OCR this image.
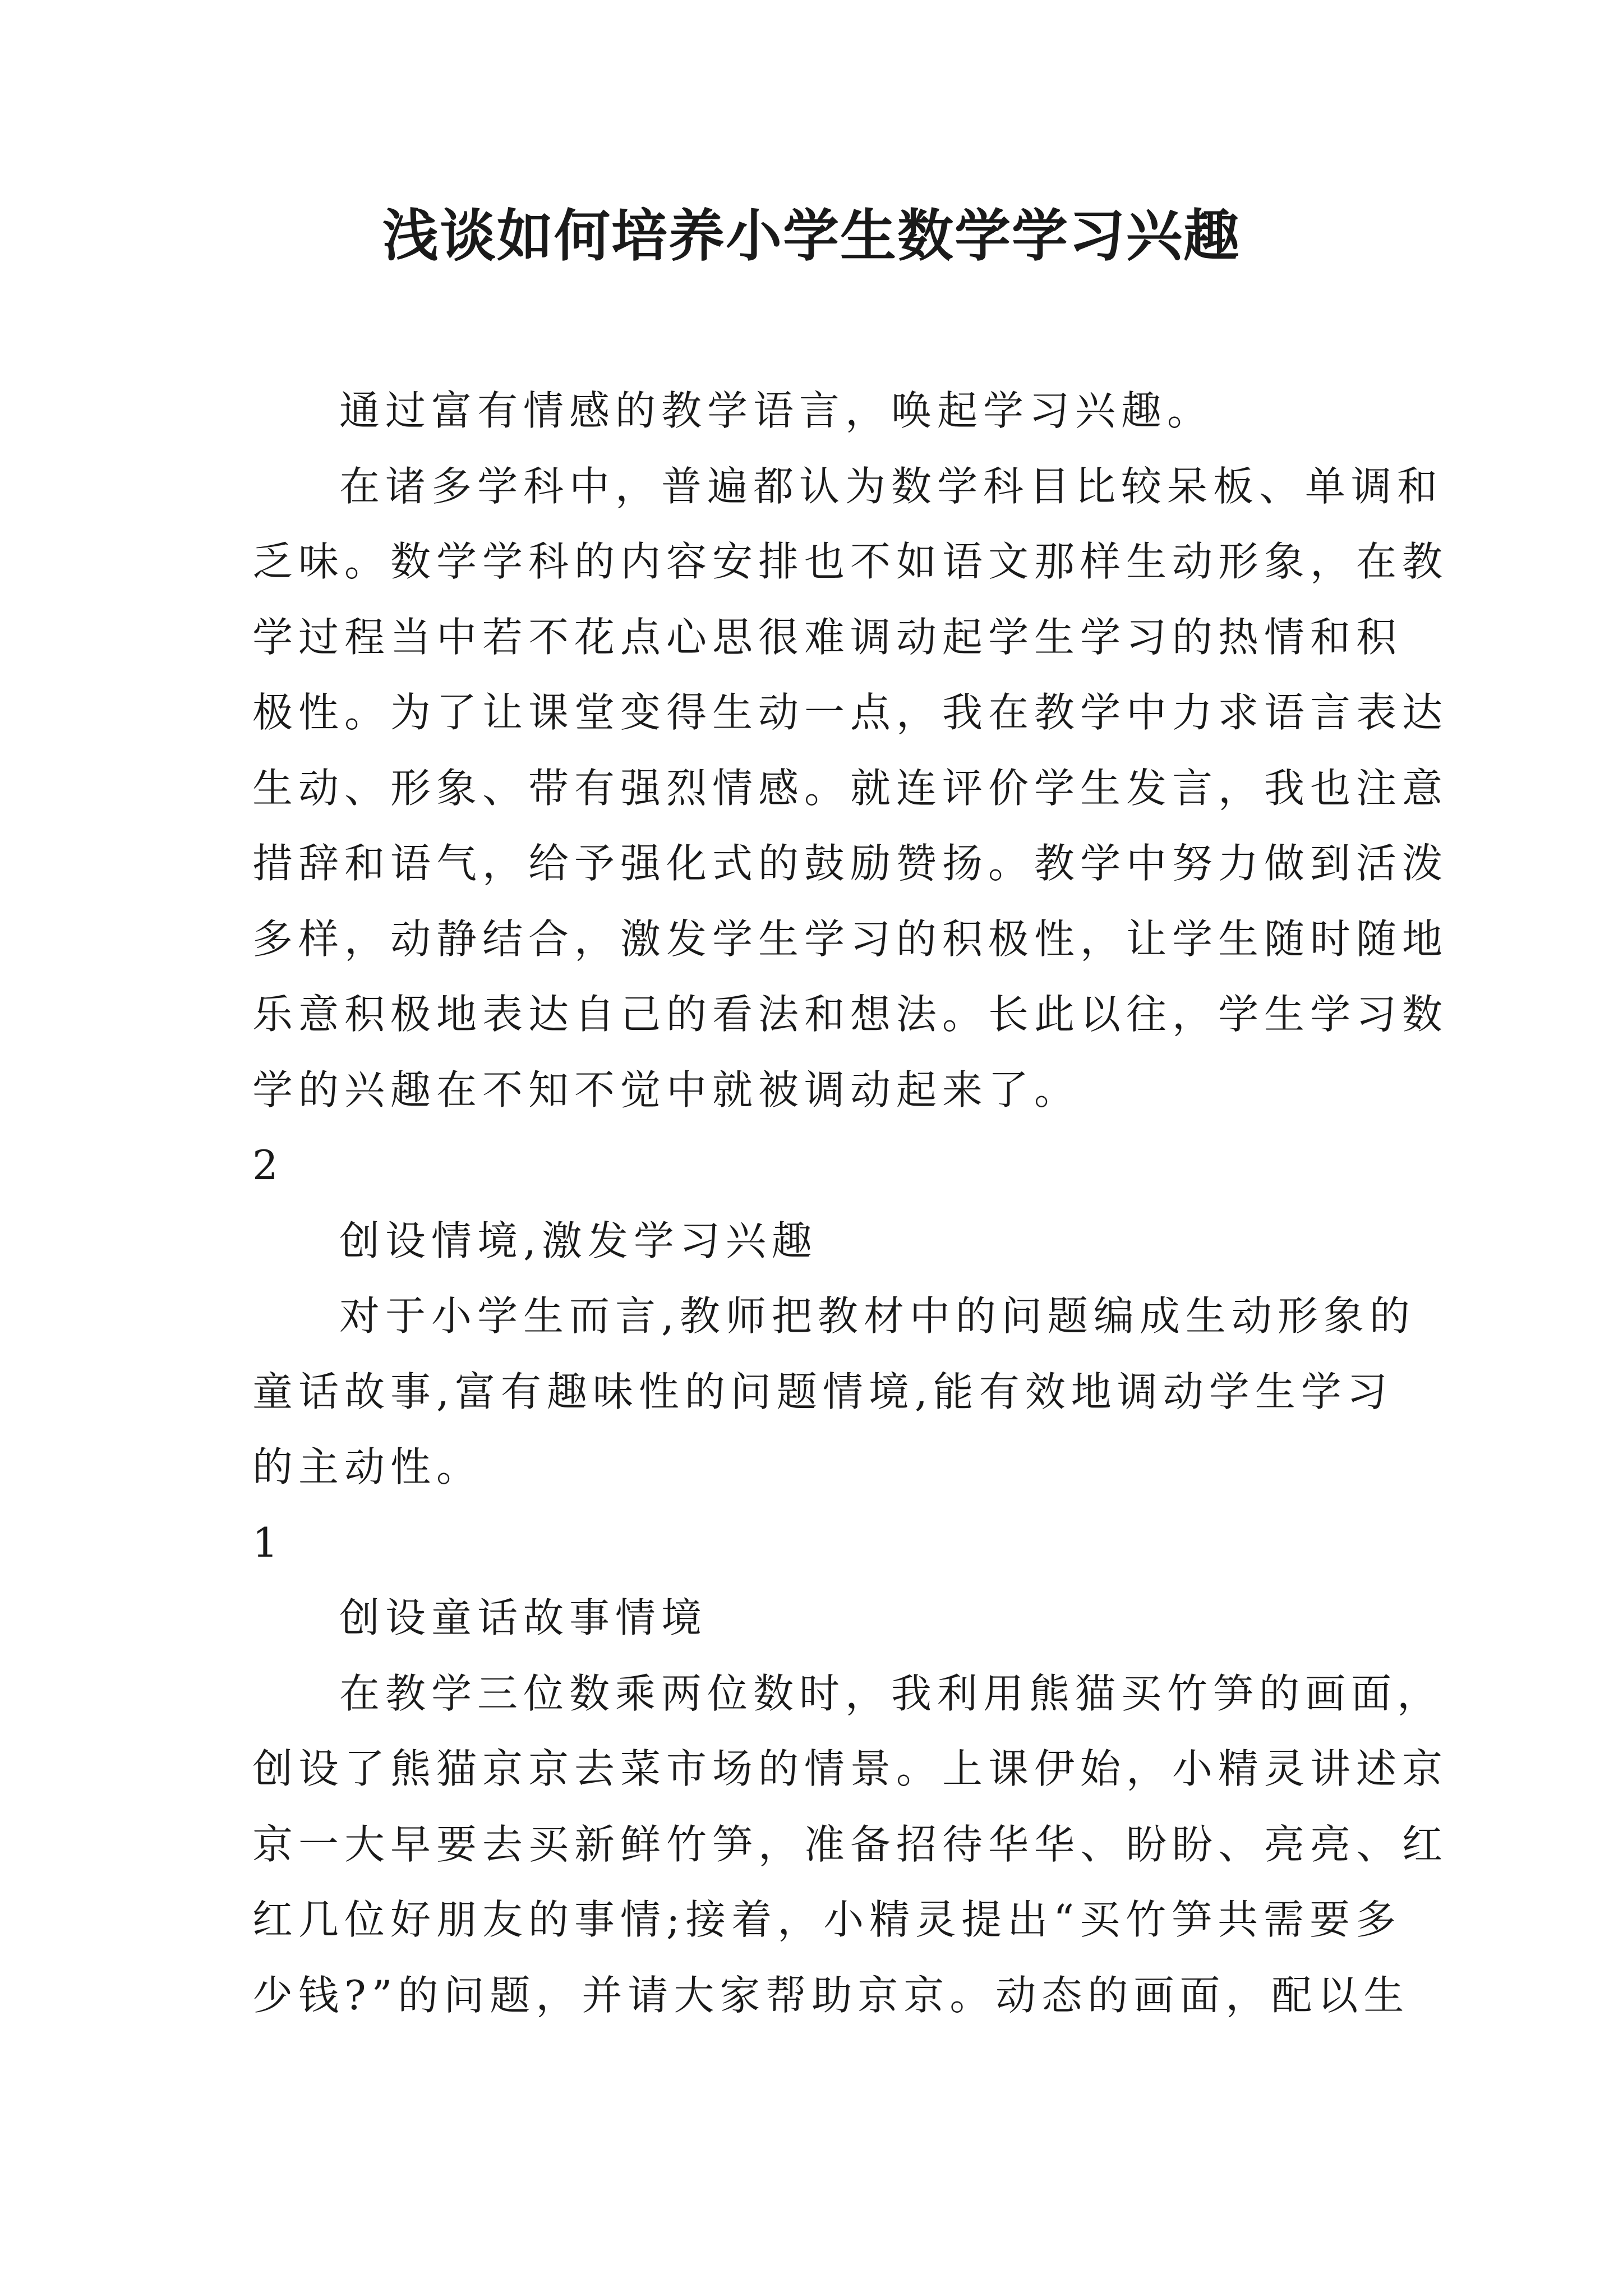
浅谈如何培养小学生数学学习兴趣

通过富有情感的教学语言，唤起学习兴趣。

在诸多学科中，普遍都认为数学科目比较呆板、单调和
乏味。数学学科的内容安排也不如语文那样生动形象，在教
学过程当中若不花点心思很难调动起学生学习的热情和积
极性。为了让课堂变得生动一点，我在教学中力求语言表达
生动、形象、带有强烈情感。就连评价学生发言，我也注意
措辞和语气，给予强化式的鼓励赞扬。教学中努力做到活泼
多样，动静结合，激发学生学习的积极性，让学生随时随地
乐意积极地表达自己的看法和想法。长此以往，学生学习数
学的兴趣在不知不觉中就被调动起来了。

2

创设情境,激发学习兴趣

对于小学生而言,教师把教材中的问题编成生动形象的
童话故事,富有趣味性的问题情境,能有效地调动学生学习
的主动性。

1

创设童话故事情境

在教学三位数乘两位数时，我利用熊猫买竹笋的画面，
创设了熊猫京京去菜市场的情景。上课伊始，小精灵讲述京
京一大早要去买新鲜竹笋，准备招待华华、盼盼、亮亮、红
红几位好朋友的事情;接着，小精灵提出“买竹笋共需要多
少钱?”的问题，并请大家帮助京京。动态的画面，配以生
